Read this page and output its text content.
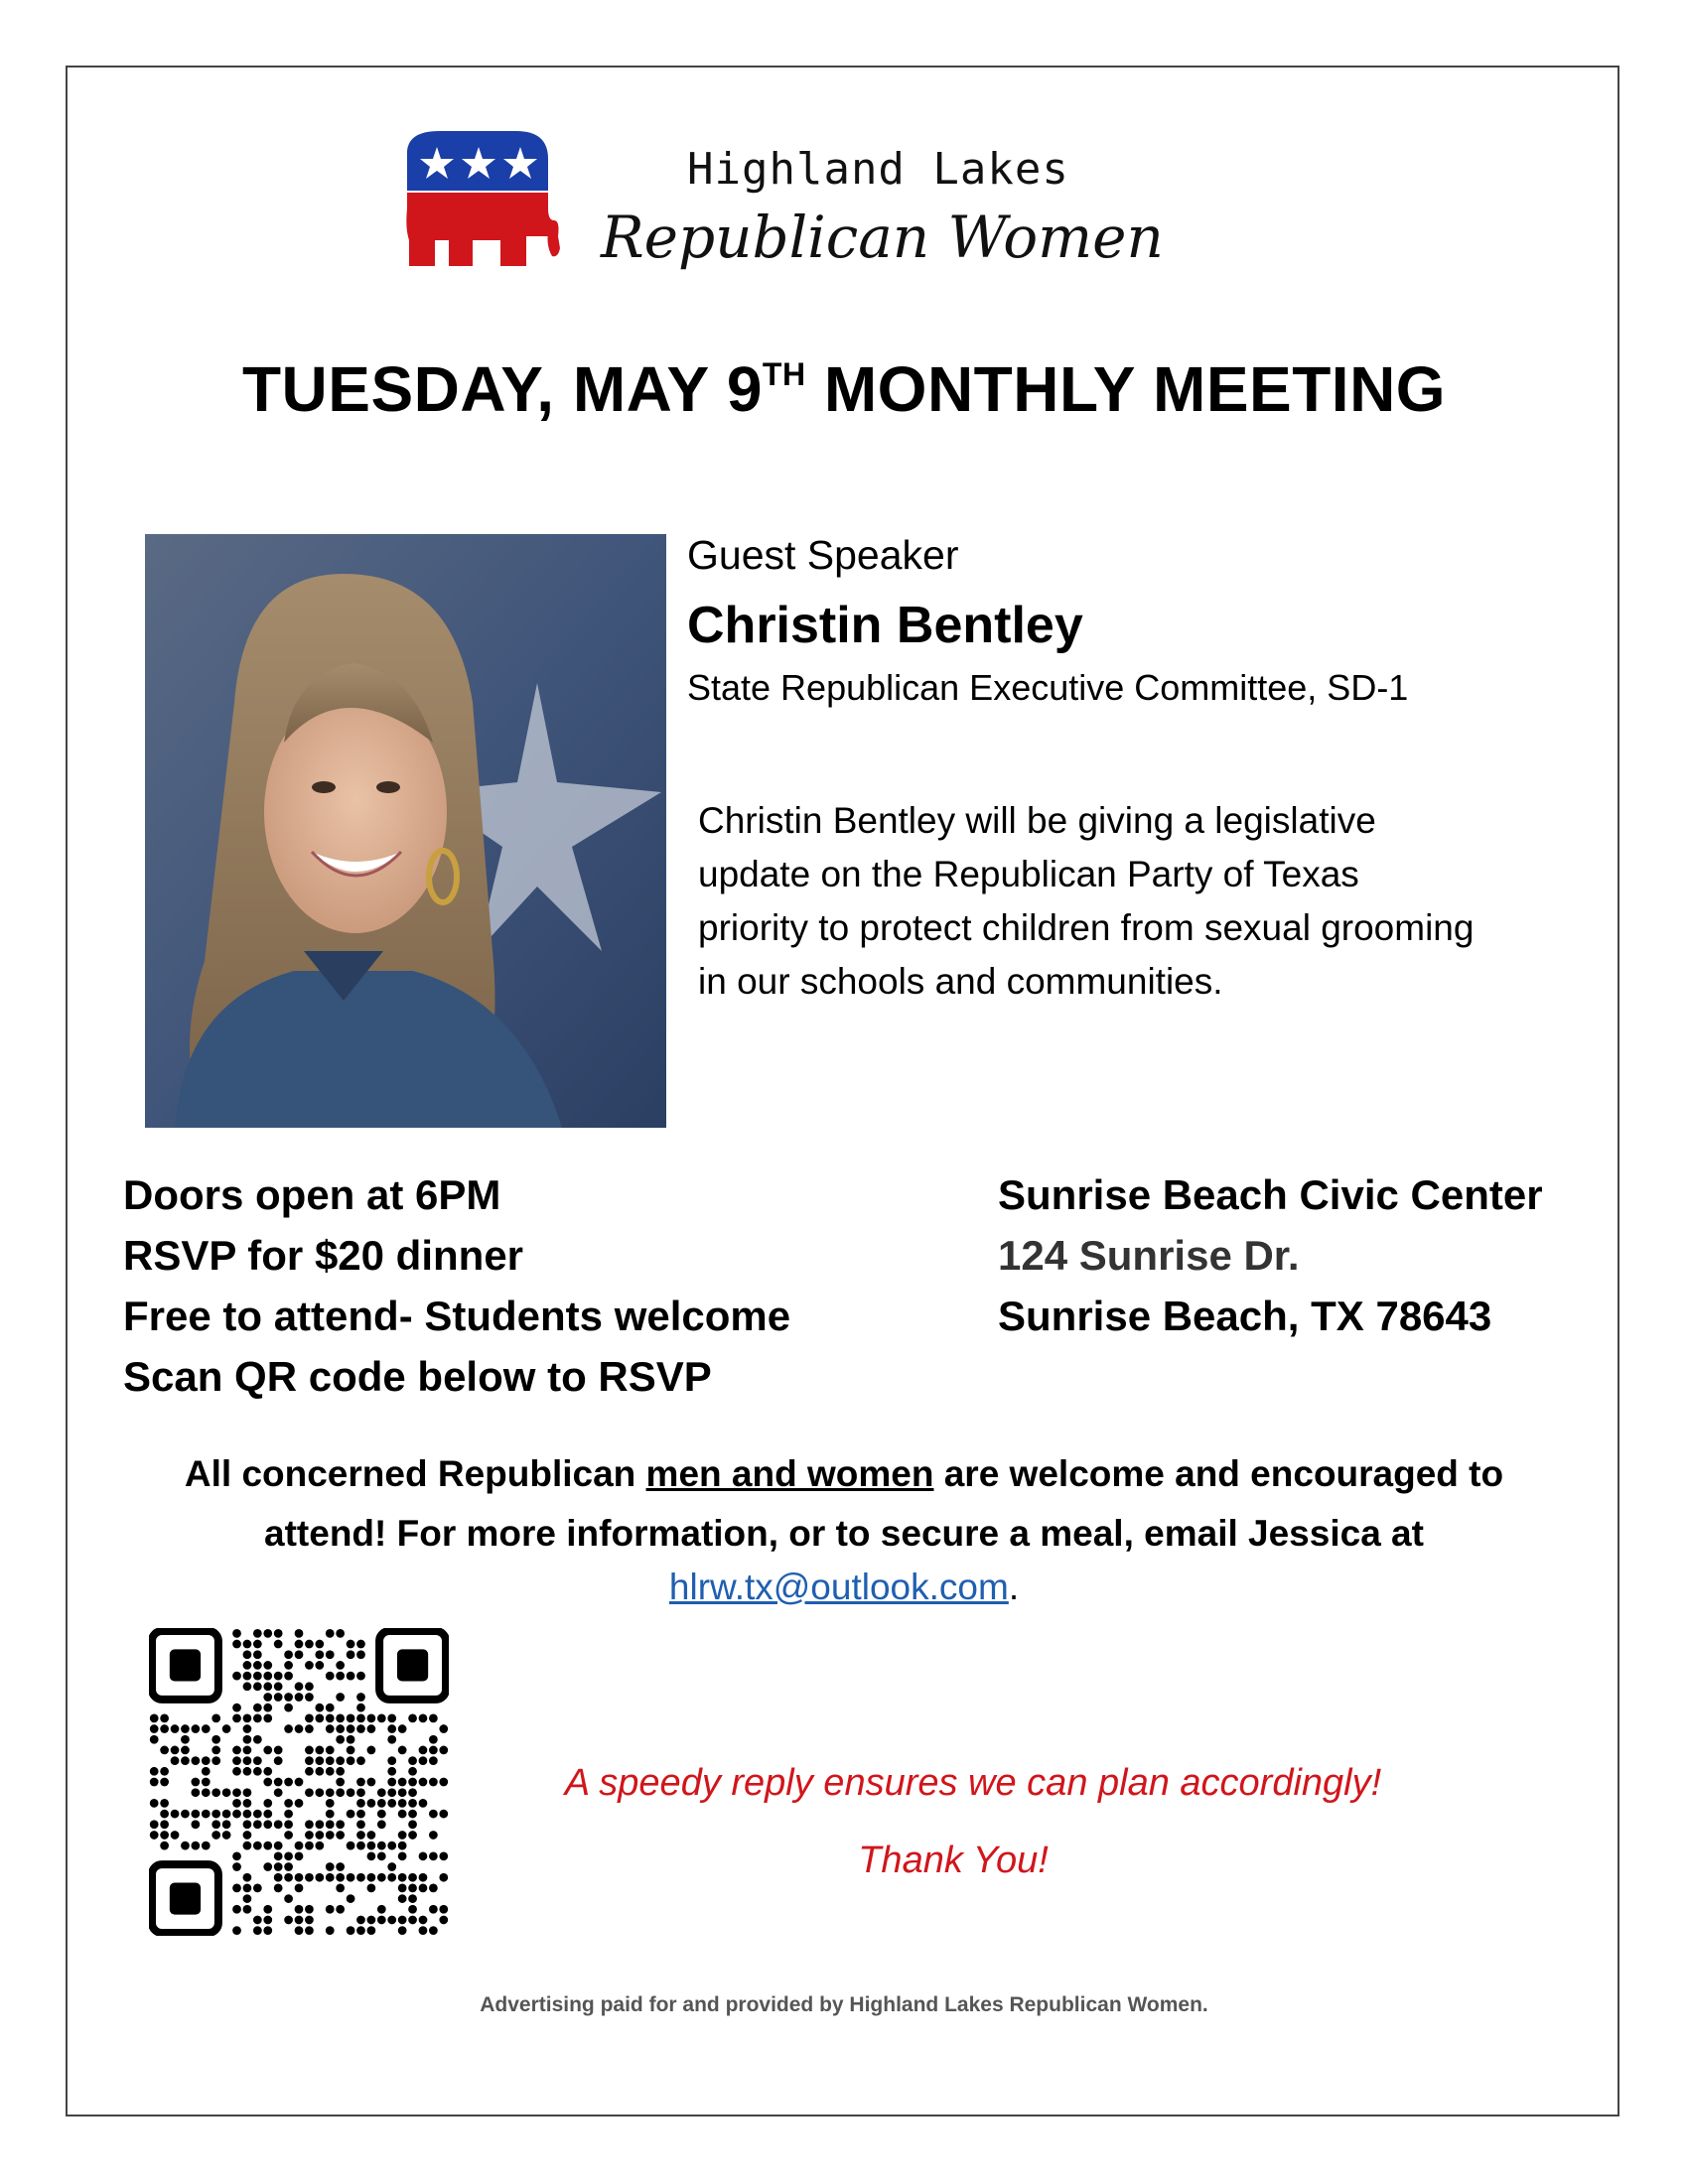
Highland Lakes
Republican Women
TUESDAY, MAY 9TH MONTHLY MEETING
Guest Speaker
Christin Bentley
State Republican Executive Committee, SD-1
Christin Bentley will be giving a legislative
update on the Republican Party of Texas
priority to protect children from sexual grooming
in our schools and communities.
Doors open at 6PM
RSVP for $20 dinner
Free to attend- Students welcome
Scan QR code below to RSVP
Sunrise Beach Civic Center
124 Sunrise Dr.
Sunrise Beach, TX 78643
All concerned Republican men and women are welcome and encouraged to
attend! For more information, or to secure a meal, email Jessica at
hlrw.tx@outlook.com.
A speedy reply ensures we can plan accordingly!
Thank You!
Advertising paid for and provided by Highland Lakes Republican Women.
